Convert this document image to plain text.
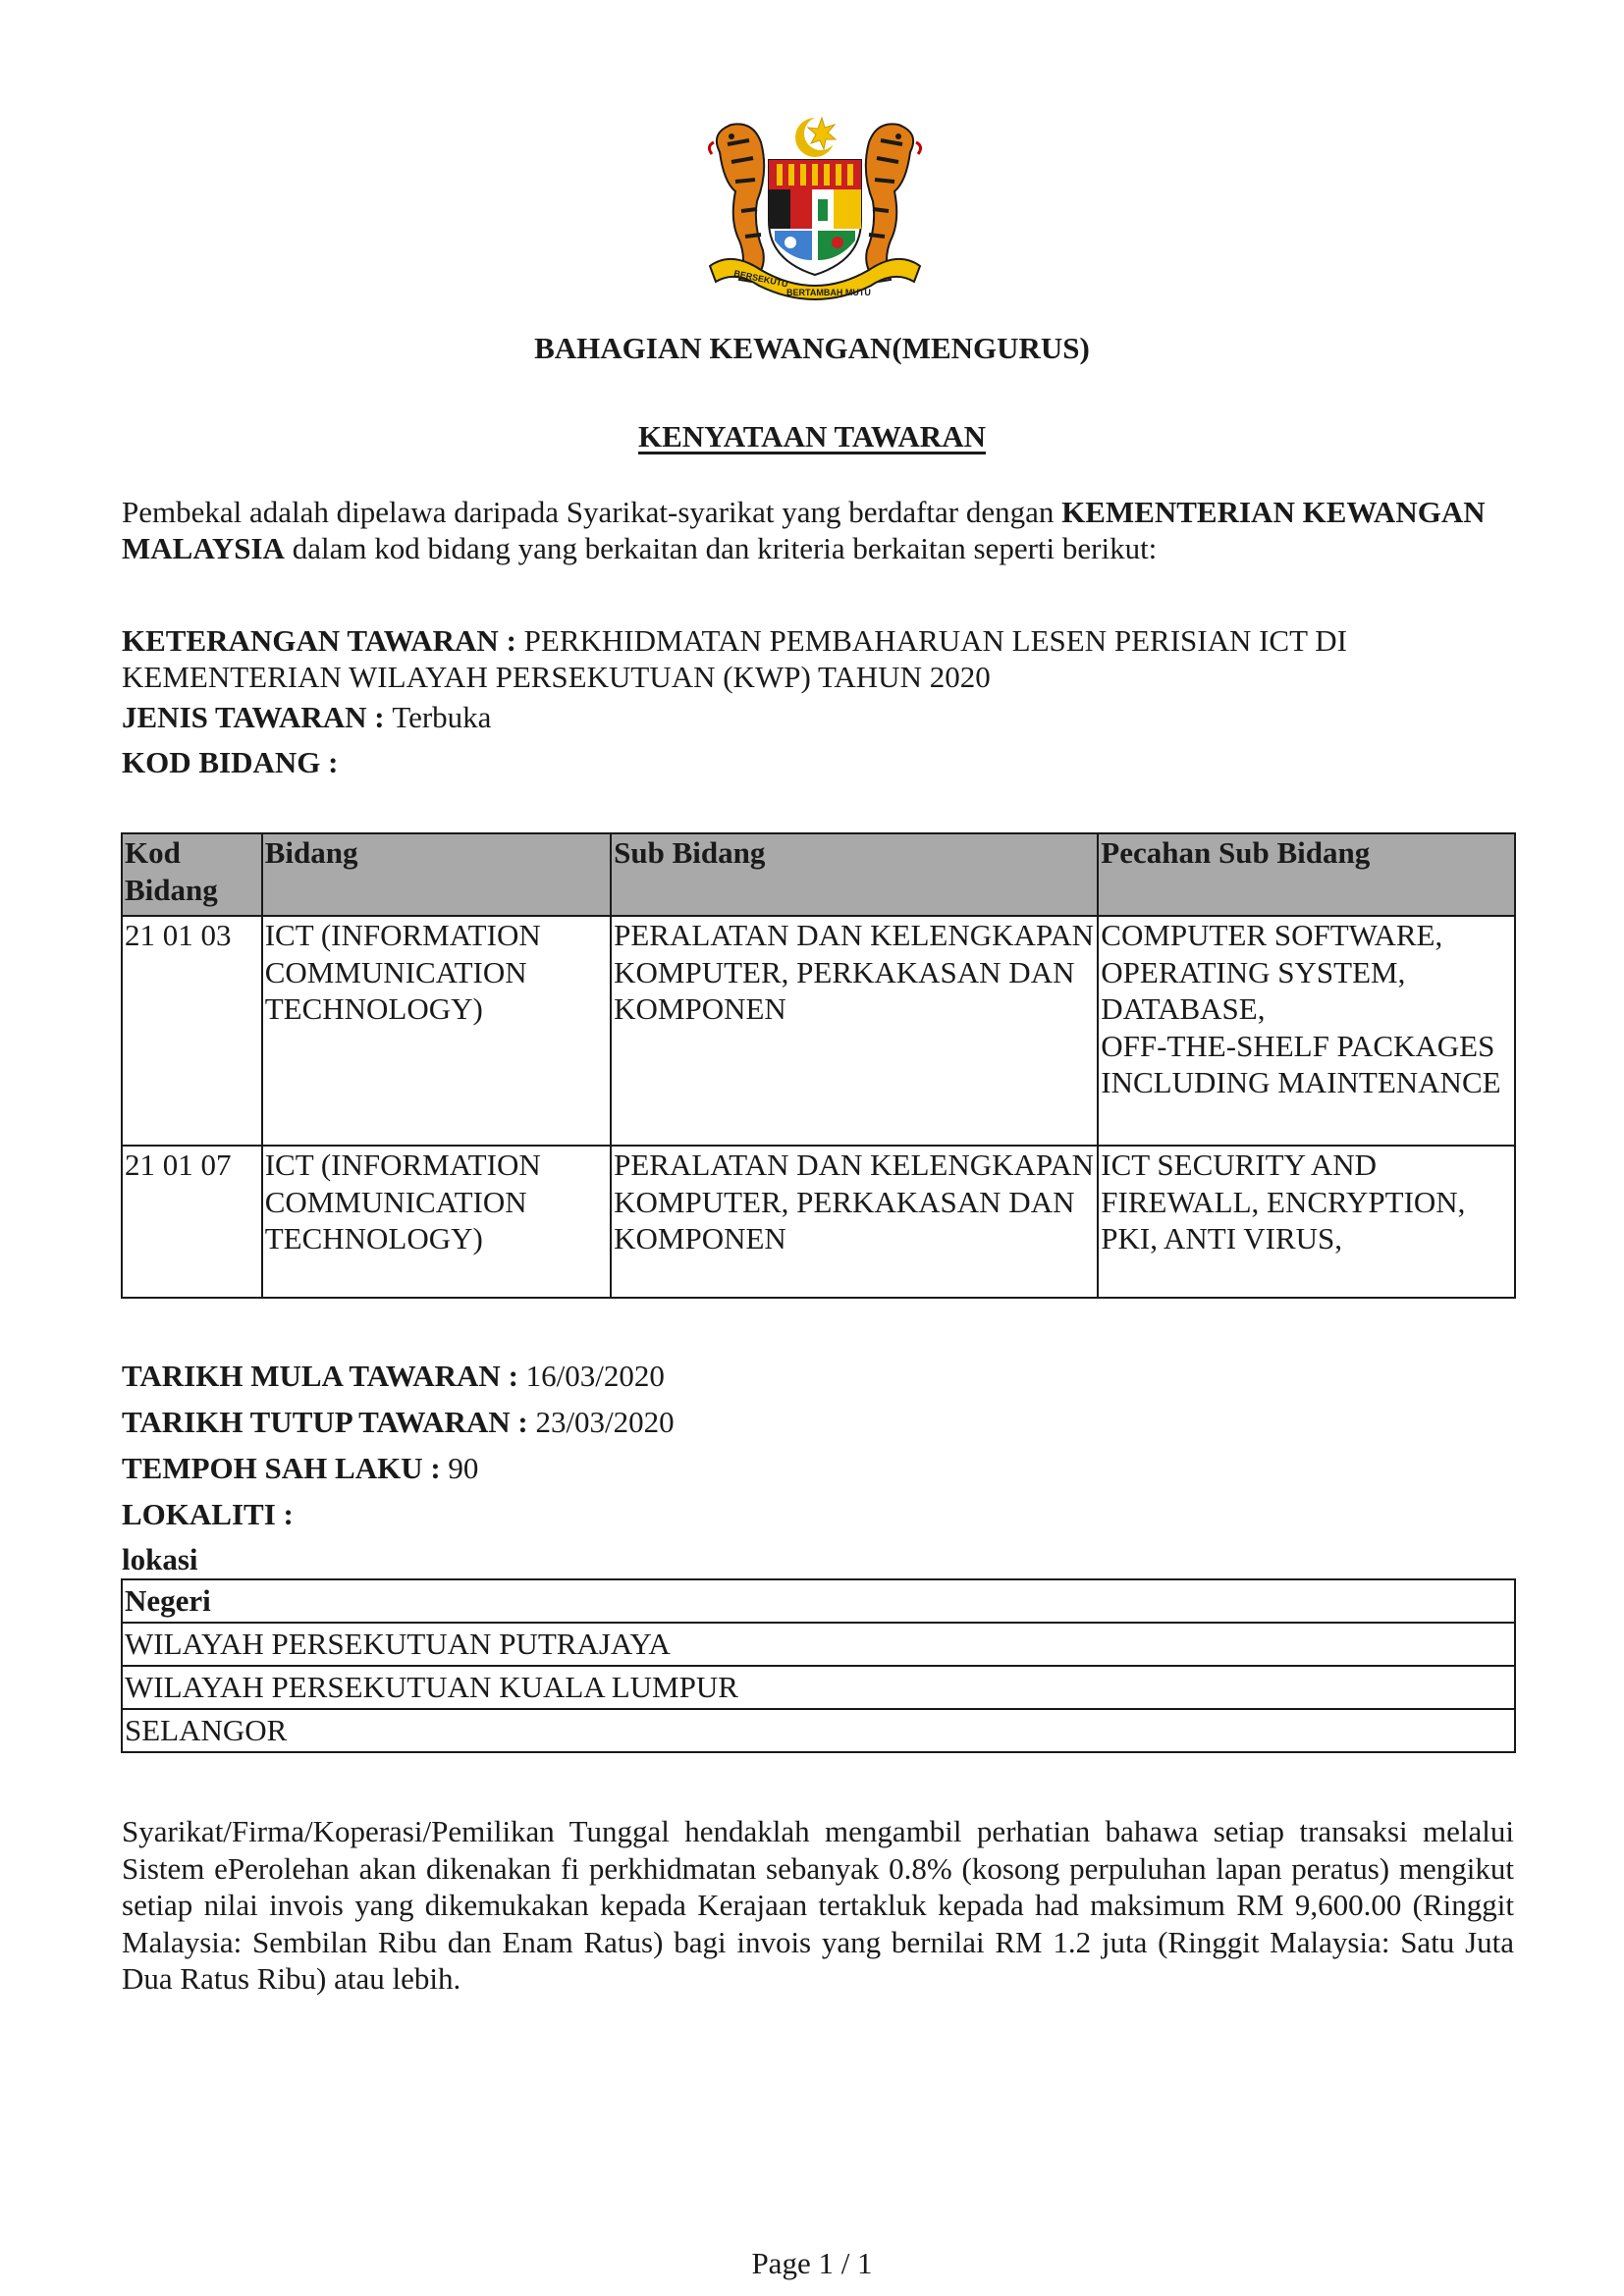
BERSEKUTU
BERTAMBAH MUTU
BAHAGIAN KEWANGAN(MENGURUS)
KENYATAAN TAWARAN
Pembekal adalah dipelawa daripada Syarikat-syarikat yang berdaftar dengan KEMENTERIAN KEWANGAN MALAYSIA dalam kod bidang yang berkaitan dan kriteria berkaitan seperti berikut:
KETERANGAN TAWARAN : PERKHIDMATAN PEMBAHARUAN LESEN PERISIAN ICT DI KEMENTERIAN WILAYAH PERSEKUTUAN (KWP) TAHUN 2020
JENIS TAWARAN : Terbuka
KOD BIDANG :
Kod Bidang	Bidang	Sub Bidang	Pecahan Sub Bidang
21 01 03	ICT (INFORMATION COMMUNICATION TECHNOLOGY)	PERALATAN DAN KELENGKAPAN KOMPUTER, PERKAKASAN DAN KOMPONEN	COMPUTER SOFTWARE,
OPERATING SYSTEM,
DATABASE,
OFF-THE-SHELF PACKAGES INCLUDING MAINTENANCE

21 01 07	ICT (INFORMATION COMMUNICATION TECHNOLOGY)	PERALATAN DAN KELENGKAPAN KOMPUTER, PERKAKASAN DAN KOMPONEN	ICT SECURITY AND FIREWALL, ENCRYPTION, PKI, ANTI VIRUS,
TARIKH MULA TAWARAN : 16/03/2020
TARIKH TUTUP TAWARAN : 23/03/2020
TEMPOH SAH LAKU : 90
LOKALITI :
lokasi
Negeri
WILAYAH PERSEKUTUAN PUTRAJAYA
WILAYAH PERSEKUTUAN KUALA LUMPUR
SELANGOR
Syarikat/Firma/Koperasi/Pemilikan Tunggal hendaklah mengambil perhatian bahawa setiap transaksi melalui Sistem ePerolehan akan dikenakan fi perkhidmatan sebanyak 0.8% (kosong perpuluhan lapan peratus) mengikut setiap nilai invois yang dikemukakan kepada Kerajaan tertakluk kepada had maksimum RM 9,600.00 (Ringgit Malaysia: Sembilan Ribu dan Enam Ratus) bagi invois yang bernilai RM 1.2 juta (Ringgit Malaysia: Satu Juta Dua Ratus Ribu) atau lebih.
Page 1 / 1
